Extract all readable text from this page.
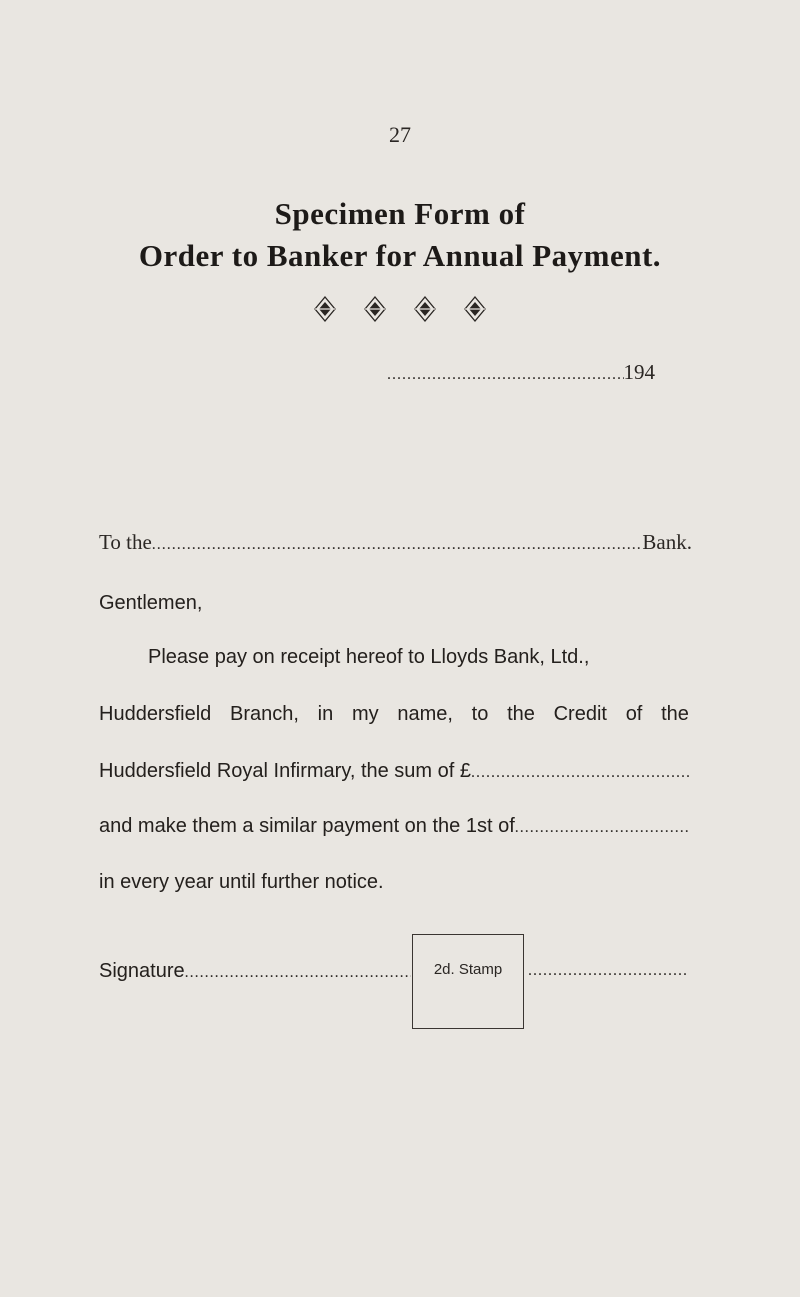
27
Specimen Form of
Order to Banker for Annual Payment.
.....
194
To the .....	Bank.
Gentlemen,
Please pay on receipt hereof to Lloyds Bank, Ltd.,
Huddersfield Branch, in my name, to the Credit of the
Huddersfield Royal Infirmary, the sum of £
.....
and make them a similar payment on the 1st of
.....
in every year until further notice.
Signature .....	2d. Stamp
.....
